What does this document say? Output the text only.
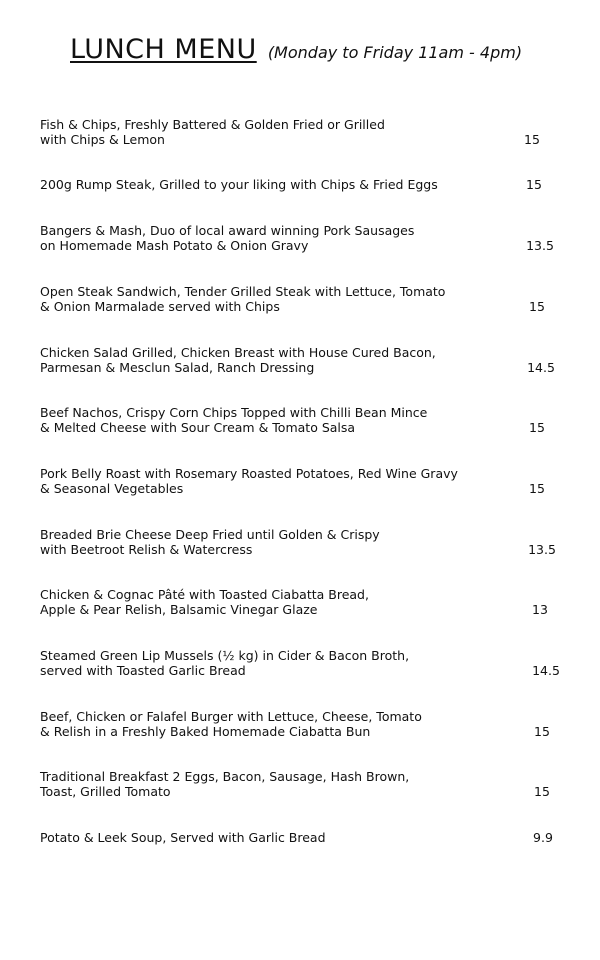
LUNCH MENU (Monday to Friday 11am - 4pm)
Fish & Chips, Freshly Battered & Golden Fried or Grilled
with Chips & Lemon	15
200g Rump Steak, Grilled to your liking with Chips & Fried Eggs	15
Bangers & Mash, Duo of local award winning Pork Sausages
on Homemade Mash Potato & Onion Gravy	13.5
Open Steak Sandwich, Tender Grilled Steak with Lettuce, Tomato
& Onion Marmalade served with Chips	15
Chicken Salad Grilled, Chicken Breast with House Cured Bacon,
Parmesan & Mesclun Salad, Ranch Dressing	14.5
Beef Nachos, Crispy Corn Chips Topped with Chilli Bean Mince
& Melted Cheese with Sour Cream & Tomato Salsa	15
Pork Belly Roast with Rosemary Roasted Potatoes, Red Wine Gravy
& Seasonal Vegetables	15
Breaded Brie Cheese Deep Fried until Golden & Crispy
with Beetroot Relish & Watercress	13.5
Chicken & Cognac Pâté with Toasted Ciabatta Bread,
Apple & Pear Relish, Balsamic Vinegar Glaze	13
Steamed Green Lip Mussels (½ kg) in Cider & Bacon Broth,
served with Toasted Garlic Bread	14.5
Beef, Chicken or Falafel Burger with Lettuce, Cheese, Tomato
& Relish in a Freshly Baked Homemade Ciabatta Bun	15
Traditional Breakfast 2 Eggs, Bacon, Sausage, Hash Brown,
Toast, Grilled Tomato	15
Potato & Leek Soup, Served with Garlic Bread	9.9
